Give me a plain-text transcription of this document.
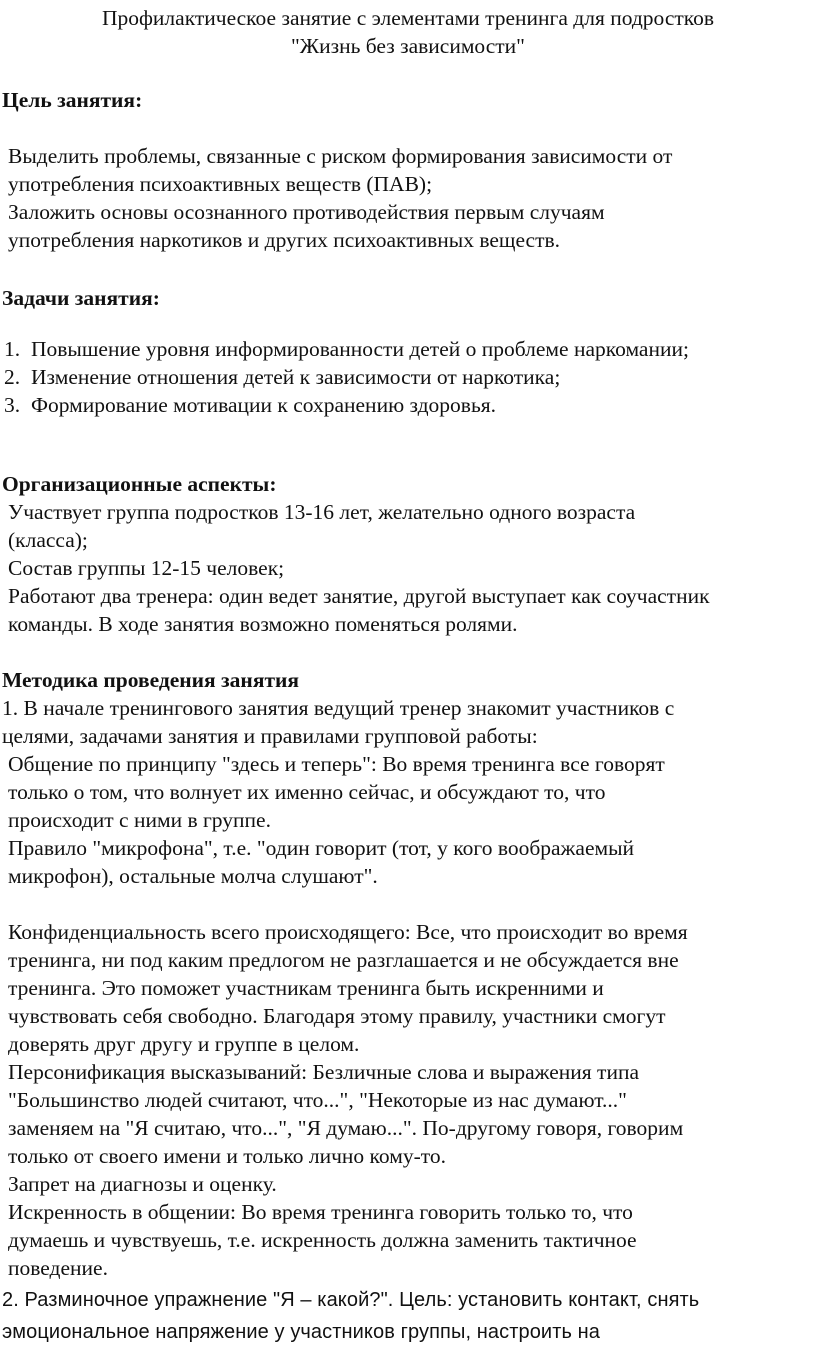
Профилактическое занятие с элементами тренинга для подростков
"Жизнь без зависимости"
Цель занятия:
Выделить проблемы, связанные с риском формирования зависимости от
употребления психоактивных веществ (ПАВ);
Заложить основы осознанного противодействия первым случаям
употребления наркотиков и других психоактивных веществ.
Задачи занятия:
1. Повышение уровня информированности детей о проблеме наркомании;
2. Изменение отношения детей к зависимости от наркотика;
3. Формирование мотивации к сохранению здоровья.
Организационные аспекты:
Участвует группа подростков 13-16 лет, желательно одного возраста
(класса);
Состав группы 12-15 человек;
Работают два тренера: один ведет занятие, другой выступает как соучастник
команды. В ходе занятия возможно поменяться ролями.
Методика проведения занятия
1. В начале тренингового занятия ведущий тренер знакомит участников с
целями, задачами занятия и правилами групповой работы:
Общение по принципу "здесь и теперь": Во время тренинга все говорят
только о том, что волнует их именно сейчас, и обсуждают то, что
происходит с ними в группе.
Правило "микрофона", т.е. "один говорит (тот, у кого воображаемый
микрофон), остальные молча слушают".
Конфиденциальность всего происходящего: Все, что происходит во время
тренинга, ни под каким предлогом не разглашается и не обсуждается вне
тренинга. Это поможет участникам тренинга быть искренними и
чувствовать себя свободно. Благодаря этому правилу, участники смогут
доверять друг другу и группе в целом.
Персонификация высказываний: Безличные слова и выражения типа
"Большинство людей считают, что...", "Некоторые из нас думают..."
заменяем на "Я считаю, что...", "Я думаю...". По-другому говоря, говорим
только от своего имени и только лично кому-то.
Запрет на диагнозы и оценку.
Искренность в общении: Во время тренинга говорить только то, что
думаешь и чувствуешь, т.е. искренность должна заменить тактичное
поведение.
2. Разминочное упражнение "Я – какой?". Цель: установить контакт, снять
эмоциональное напряжение у участников группы, настроить на
